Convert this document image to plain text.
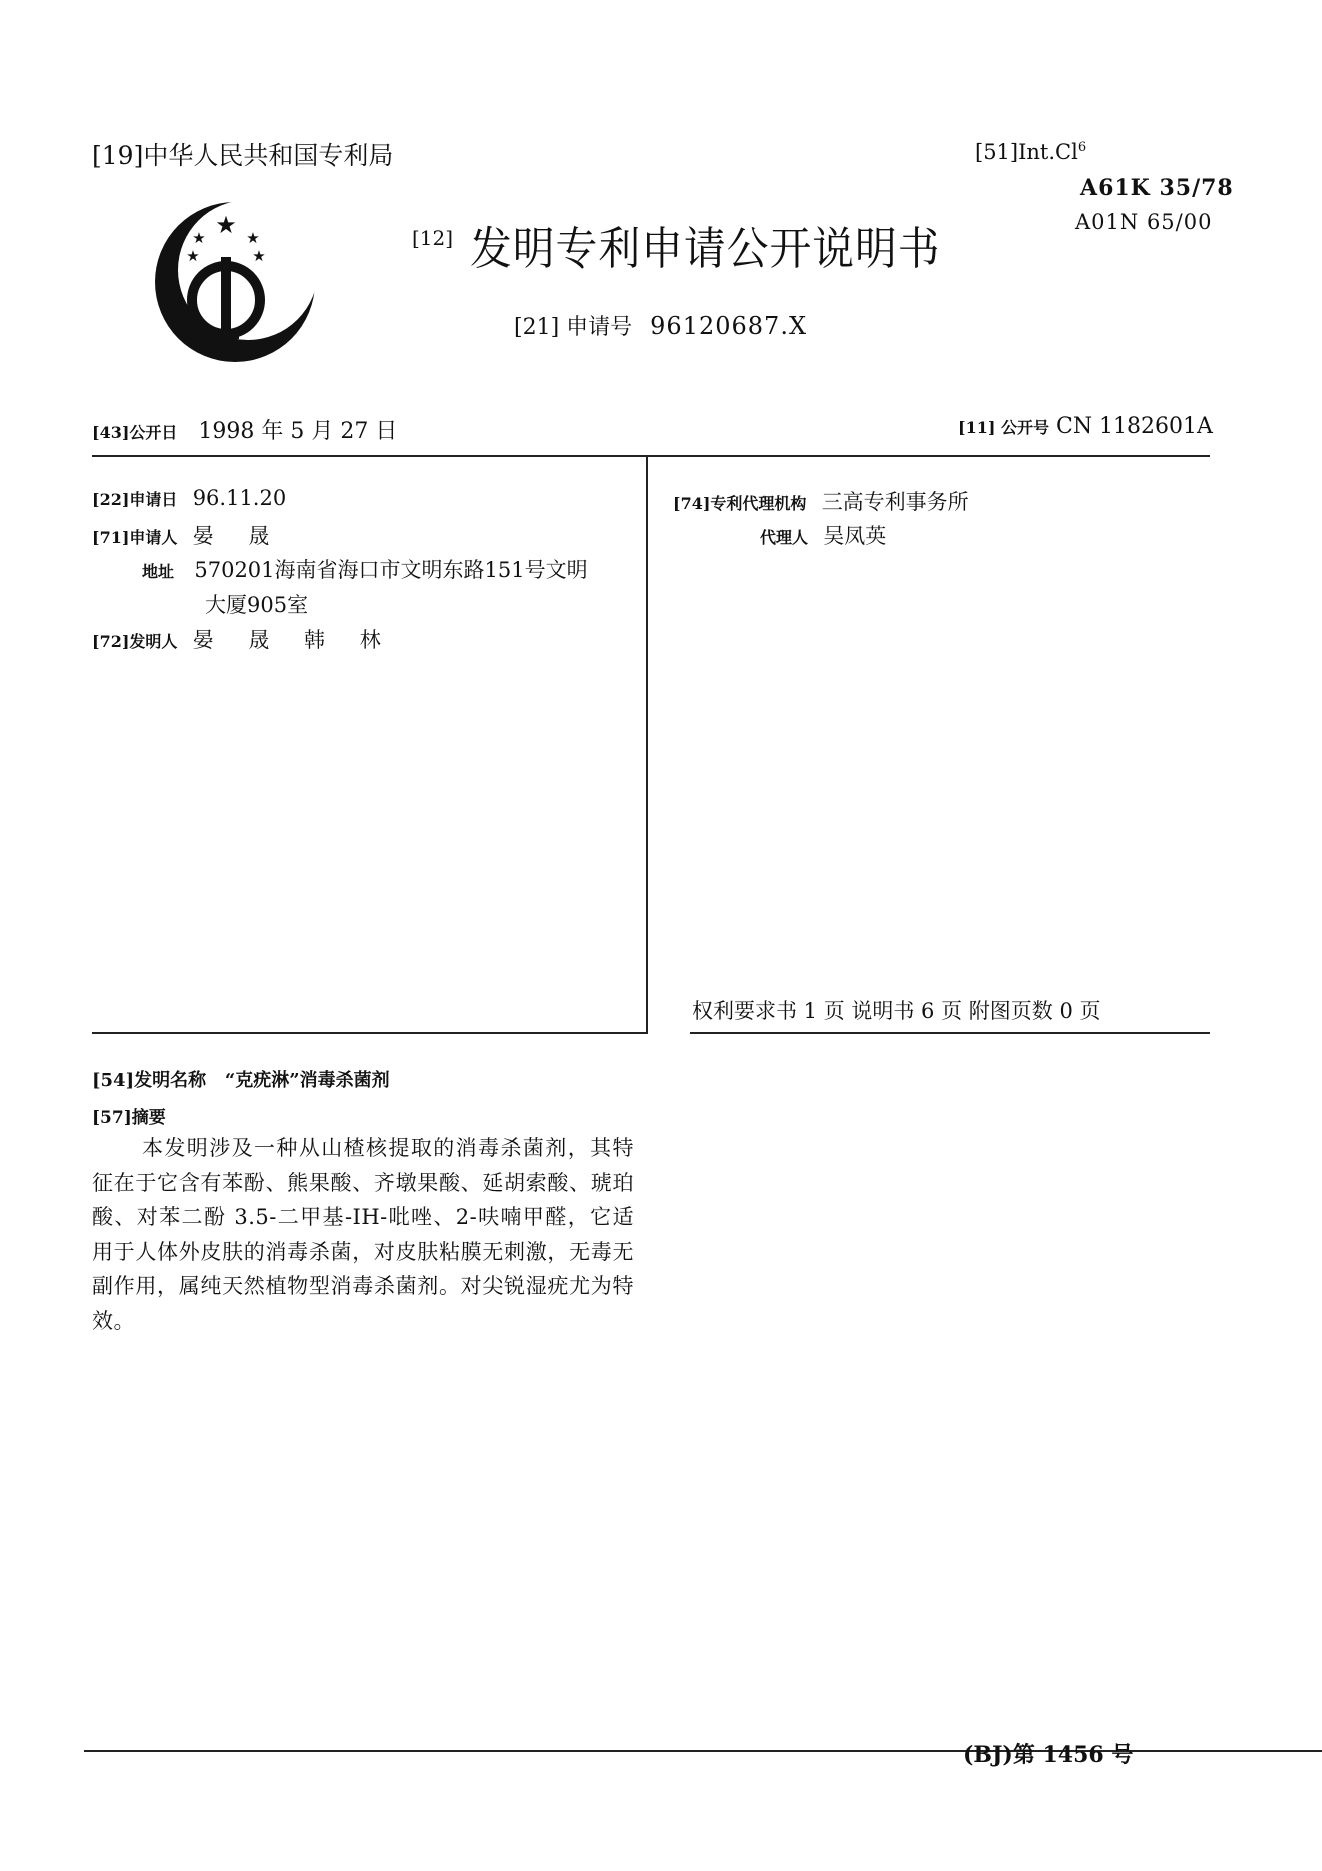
[19]中华人民共和国专利局	[51]Int.Cl$^6$
A61K 35/78
A01N 65/00
★
★	★
★	★
[12] 发明专利申请公开说明书
[21] 申请号 96120687.X
[43]公开日 1998 年 5 月 27 日	[11] 公开号 CN 1182601A
[22]申请日 96.11.20
[71]申请人 晏 晟
地址 570201海南省海口市文明东路151号文明
大厦905室
[72]发明人 晏 晟 韩 林
[74]专利代理机构 三高专利事务所
代理人 吴凤英
权利要求书 1 页 说明书 6 页 附图页数 0 页
[54]发明名称 “克疣淋”消毒杀菌剂
[57]摘要
本发明涉及一种从山楂核提取的消毒杀菌剂，其特征在于它含有苯酚、熊果酸、齐墩果酸、延胡索酸、琥珀酸、对苯二酚 3.5-二甲基-IH-吡唑、2-呋喃甲醛，它适用于人体外皮肤的消毒杀菌，对皮肤粘膜无刺激，无毒无副作用，属纯天然植物型消毒杀菌剂。对尖锐湿疣尤为特效。
(BJ)第 1456 号
